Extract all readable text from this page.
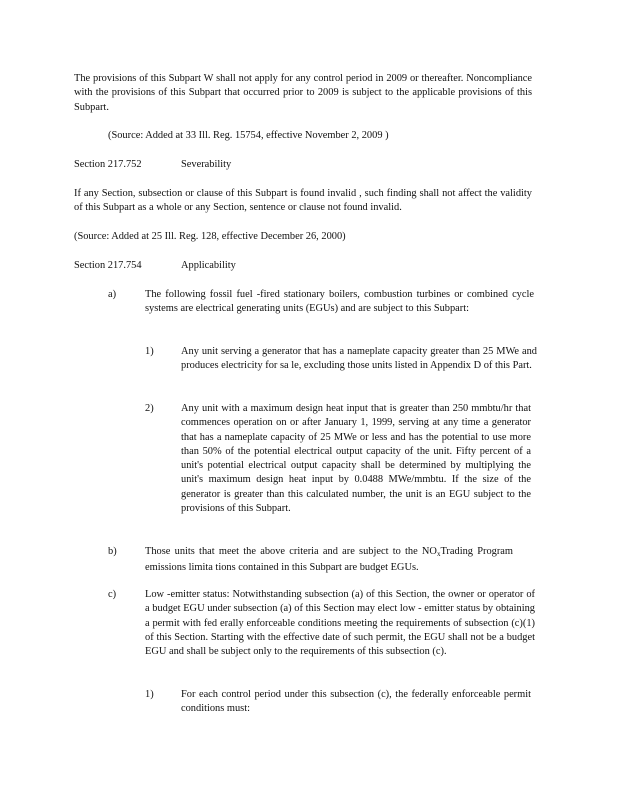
The provisions of this Subpart W shall not apply for any control period in 2009 or thereafter. Noncompliance with the provisions of this Subpart that occurred prior to 2009 is subject to the applicable provisions of this Subpart.

(Source: Added at 33 Ill. Reg. 15754, effective November 2, 2009 )
Section 217.752	Severability

If any Section, subsection or clause of this Subpart is found invalid , such finding shall not affect the validity of this Subpart as a whole or any Section, sentence or clause not found invalid.

(Source: Added at 25 Ill. Reg. 128, effective December 26, 2000)
Section 217.754	Applicability
a)	The following fossil fuel -fired stationary boilers, combustion turbines or combined cycle systems are electrical generating units (EGUs) and are subject to this Subpart:

1)	Any unit serving a generator that has a nameplate capacity greater than 25 MWe and produces electricity for sa le, excluding those units listed in Appendix D of this Part.

2)	Any unit with a maximum design heat input that is greater than 250 mmbtu/hr that commences operation on or after January 1, 1999, serving at any time a generator that has a nameplate capacity of 25 MWe or less and has the potential to use more than 50% of the potential electrical output capacity of the unit. Fifty percent of a unit's potential electrical output capacity shall be determined by multiplying the unit's maximum design heat input by 0.0488 MWe/mmbtu. If the size of the generator is greater than this calculated number, the unit is an EGU subject to the provisions of this Subpart.

b)	Those units that meet the above criteria and are subject to the $NO_xTrading$ Program emissions limita tions contained in this Subpart are budget EGUs.

c)	Low -emitter status: Notwithstanding subsection (a) of this Section, the owner or operator of a budget EGU under subsection (a) of this Section may elect low - emitter status by obtaining a permit with fed erally enforceable conditions meeting the requirements of subsection (c)(1) of this Section. Starting with the effective date of such permit, the EGU shall not be a budget EGU and shall be subject only to the requirements of this subsection (c).

1)	For each control period under this subsection (c), the federally enforceable permit conditions must:
